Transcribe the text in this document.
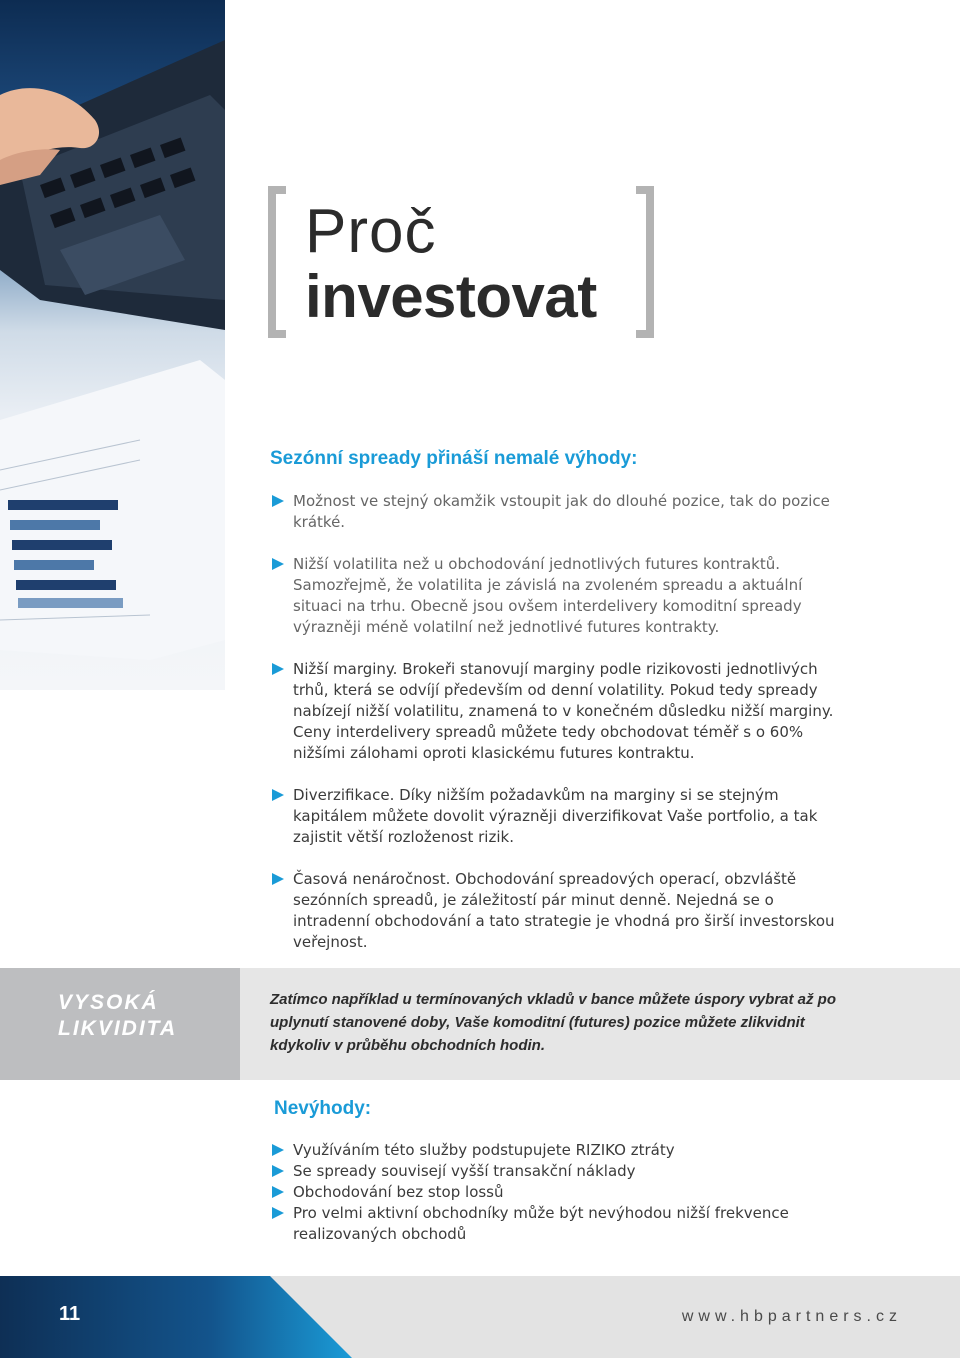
Proč
investovat
Sezónní spready přináší nemalé výhody:
Možnost ve stejný okamžik vstoupit jak do dlouhé pozice, tak do pozice krátké.
Nižší volatilita než u obchodování jednotlivých futures kontraktů. Samozřejmě, že volatilita je závislá na zvoleném spreadu a aktuální situaci na trhu. Obecně jsou ovšem interdelivery komoditní spready výrazněji méně volatilní než jednotlivé futures kontrakty.
Nižší marginy. Brokeři stanovují marginy podle rizikovosti jednotlivých trhů, která se odvíjí především od denní volatility. Pokud tedy spready nabízejí nižší volatilitu, znamená to v konečném důsledku nižší marginy. Ceny interdelivery spreadů můžete tedy obchodovat téměř s o 60% nižšími zálohami oproti klasickému futures kontraktu.
Diverzifikace. Díky nižším požadavkům na marginy si se stejným kapitálem můžete dovolit výrazněji diverzifikovat Vaše portfolio, a tak zajistit větší rozloženost rizik.
Časová nenáročnost. Obchodování spreadových operací, obzvláště sezónních spreadů, je záležitostí pár minut denně. Nejedná se o intradenní obchodování a tato strategie je vhodná pro širší investorskou veřejnost.
VYSOKÁ
LIKVIDITA
Zatímco například u termínovaných vkladů v bance můžete úspory vybrat až po uplynutí stanovené doby, Vaše komoditní (futures) pozice můžete zlikvidnit kdykoliv v průběhu obchodních hodin.
Nevýhody:
Využíváním této služby podstupujete RIZIKO ztráty
Se spready souvisejí vyšší transakční náklady
Obchodování bez stop lossů
Pro velmi aktivní obchodníky může být nevýhodou nižší frekvence realizovaných obchodů
11	www.hbpartners.cz
